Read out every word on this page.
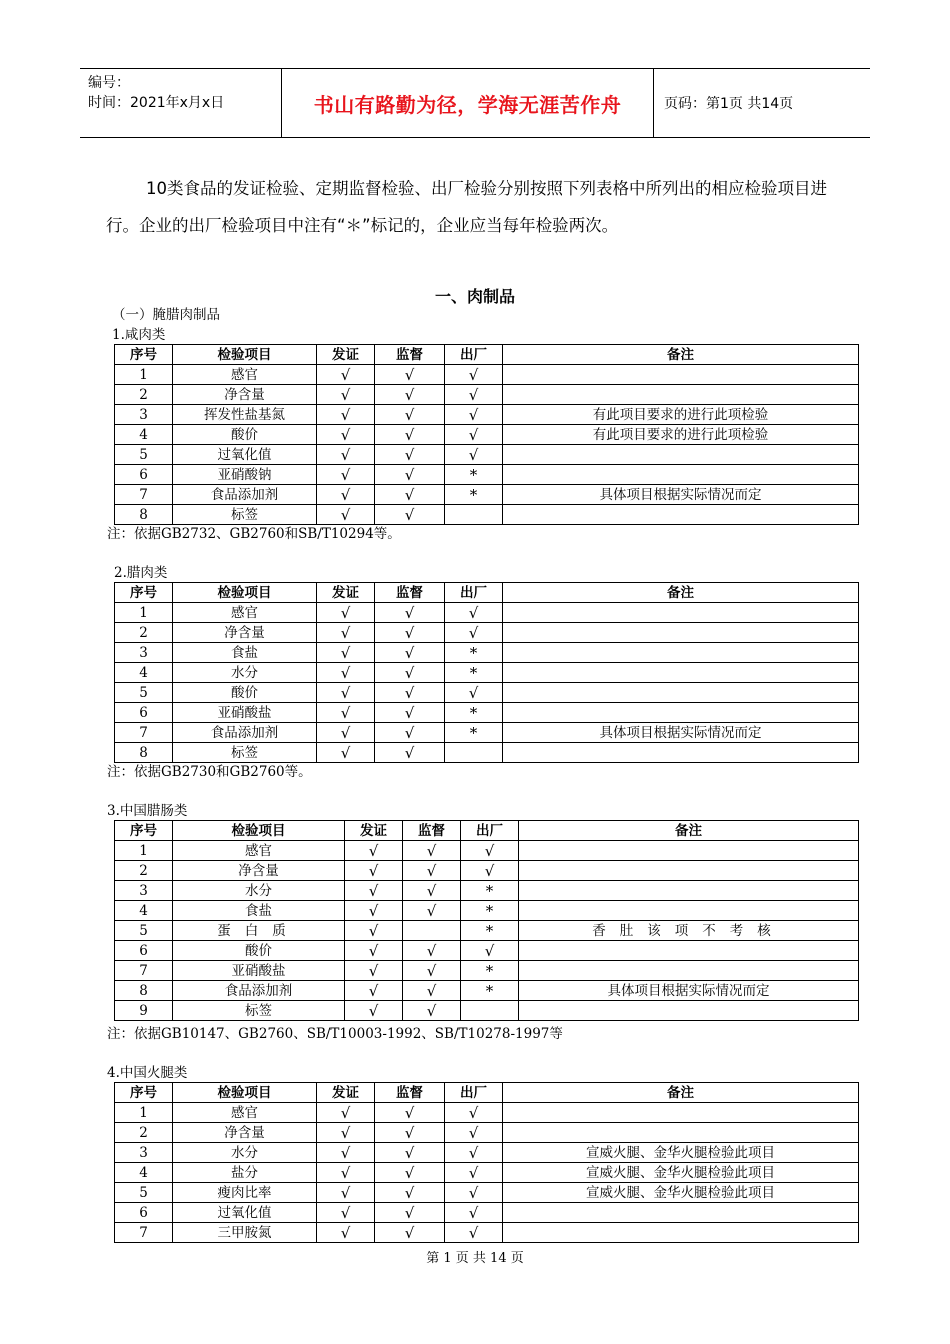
编号：
时间：2021年x月x日	书山有路勤为径，学海无涯苦作舟	页码：第1页 共14页

10类食品的发证检验、定期监督检验、出厂检验分别按照下列表格中所列出的相应检验项目进行。企业的出厂检验项目中注有“＊”标记的，企业应当每年检验两次。

一、肉制品
（一）腌腊肉制品
1.咸肉类
序号	检验项目	发证	监督	出厂	备注
1	感官	√	√	√	
2	净含量	√	√	√	
3	挥发性盐基氮	√	√	√	有此项目要求的进行此项检验
4	酸价	√	√	√	有此项目要求的进行此项检验
5	过氧化值	√	√	√	
6	亚硝酸钠	√	√	*	
7	食品添加剂	√	√	*	具体项目根据实际情况而定
8	标签	√	√		
注：依据GB2732、GB2760和SB/T10294等。
2.腊肉类
序号	检验项目	发证	监督	出厂	备注
1	感官	√	√	√	
2	净含量	√	√	√	
3	食盐	√	√	*	
4	水分	√	√	*	
5	酸价	√	√	√	
6	亚硝酸盐	√	√	*	
7	食品添加剂	√	√	*	具体项目根据实际情况而定
8	标签	√	√		
注：依据GB2730和GB2760等。
3.中国腊肠类
序号	检验项目	发证	监督	出厂	备注
1	感官	√	√	√	
2	净含量	√	√	√	
3	水分	√	√	*	
4	食盐	√	√	*	
5	蛋白质	√		*	香肚该项不考核
6	酸价	√	√	√	
7	亚硝酸盐	√	√	*	
8	食品添加剂	√	√	*	具体项目根据实际情况而定
9	标签	√	√		
注：依据GB10147、GB2760、SB/T10003-1992、SB/T10278-1997等
4.中国火腿类
序号	检验项目	发证	监督	出厂	备注
1	感官	√	√	√	
2	净含量	√	√	√	
3	水分	√	√	√	宣威火腿、金华火腿检验此项目
4	盐分	√	√	√	宣威火腿、金华火腿检验此项目
5	瘦肉比率	√	√	√	宣威火腿、金华火腿检验此项目
6	过氧化值	√	√	√	
7	三甲胺氮	√	√	√	
第 1 页 共 14 页
